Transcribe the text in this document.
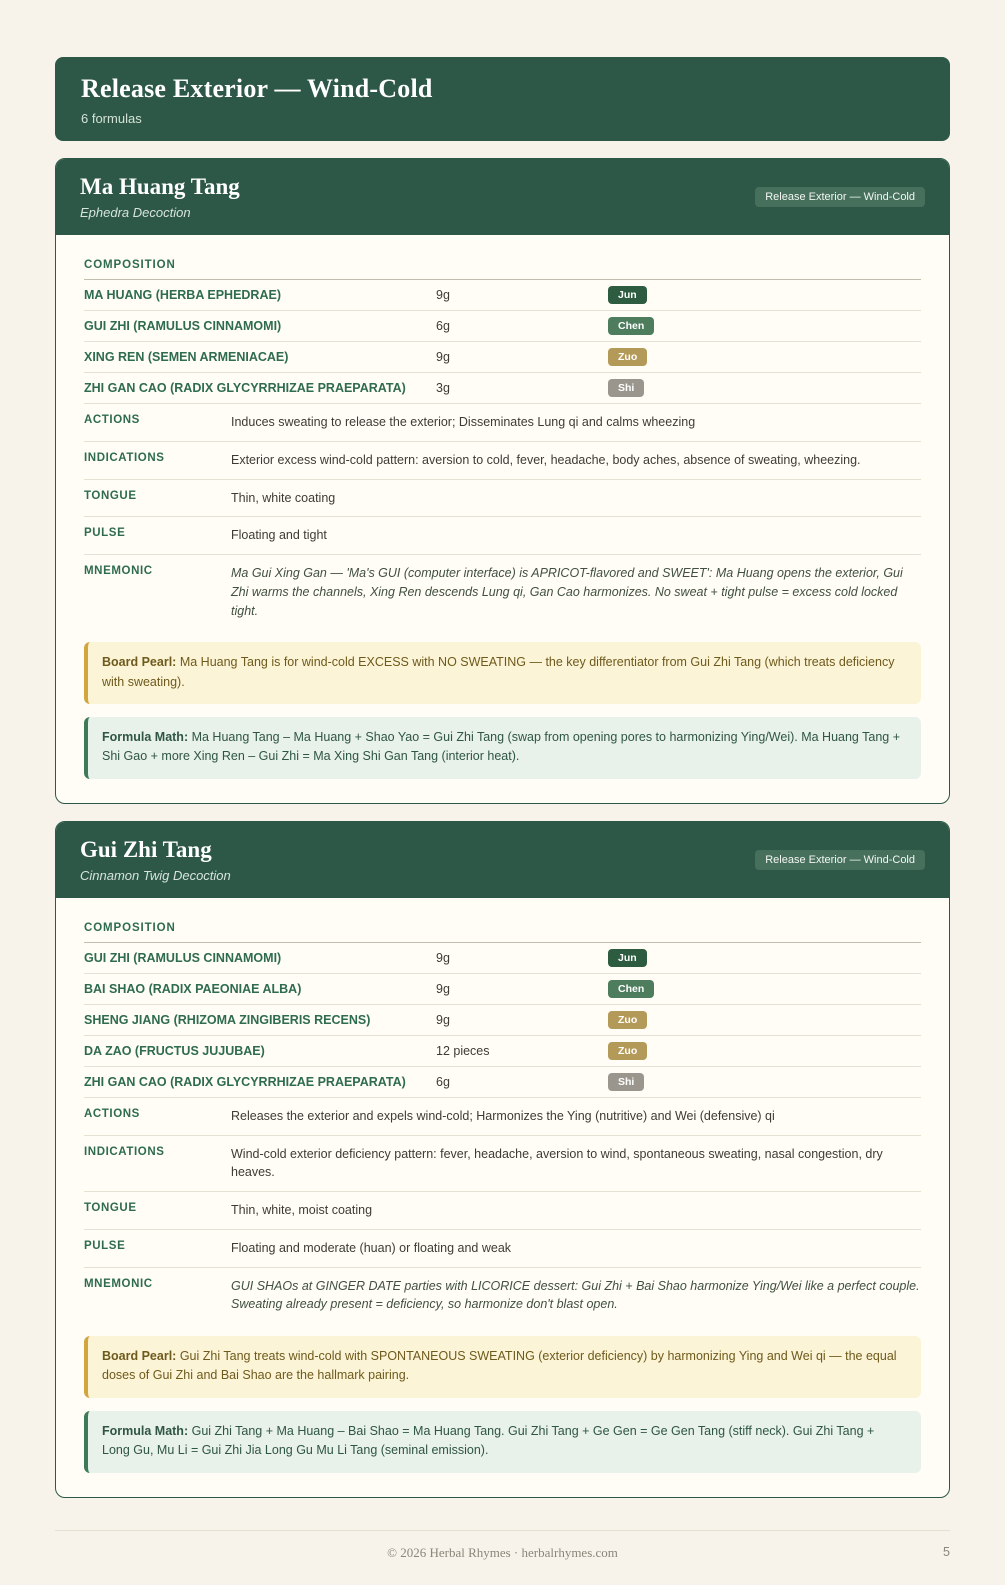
Release Exterior — Wind-Cold
6 formulas
Ma Huang Tang
Ephedra Decoction
Release Exterior — Wind-Cold
COMPOSITION
MA HUANG (HERBA EPHEDRAE)	9g	Jun
GUI ZHI (RAMULUS CINNAMOMI)	6g	Chen
XING REN (SEMEN ARMENIACAE)	9g	Zuo
ZHI GAN CAO (RADIX GLYCYRRHIZAE PRAEPARATA)	3g	Shi
ACTIONS	Induces sweating to release the exterior; Disseminates Lung qi and calms wheezing
INDICATIONS	Exterior excess wind-cold pattern: aversion to cold, fever, headache, body aches, absence of sweating, wheezing.
TONGUE	Thin, white coating
PULSE	Floating and tight
MNEMONIC	Ma Gui Xing Gan — 'Ma's GUI (computer interface) is APRICOT-flavored and SWEET': Ma Huang opens the exterior, Gui Zhi warms the channels, Xing Ren descends Lung qi, Gan Cao harmonizes. No sweat + tight pulse = excess cold locked tight.
Board Pearl: Ma Huang Tang is for wind-cold EXCESS with NO SWEATING — the key differentiator from Gui Zhi Tang (which treats deficiency with sweating).
Formula Math: Ma Huang Tang – Ma Huang + Shao Yao = Gui Zhi Tang (swap from opening pores to harmonizing Ying/Wei). Ma Huang Tang + Shi Gao + more Xing Ren – Gui Zhi = Ma Xing Shi Gan Tang (interior heat).
Gui Zhi Tang
Cinnamon Twig Decoction
Release Exterior — Wind-Cold
COMPOSITION
GUI ZHI (RAMULUS CINNAMOMI)	9g	Jun
BAI SHAO (RADIX PAEONIAE ALBA)	9g	Chen
SHENG JIANG (RHIZOMA ZINGIBERIS RECENS)	9g	Zuo
DA ZAO (FRUCTUS JUJUBAE)	12 pieces	Zuo
ZHI GAN CAO (RADIX GLYCYRRHIZAE PRAEPARATA)	6g	Shi
ACTIONS	Releases the exterior and expels wind-cold; Harmonizes the Ying (nutritive) and Wei (defensive) qi
INDICATIONS	Wind-cold exterior deficiency pattern: fever, headache, aversion to wind, spontaneous sweating, nasal congestion, dry heaves.
TONGUE	Thin, white, moist coating
PULSE	Floating and moderate (huan) or floating and weak
MNEMONIC	GUI SHAOs at GINGER DATE parties with LICORICE dessert: Gui Zhi + Bai Shao harmonize Ying/Wei like a perfect couple. Sweating already present = deficiency, so harmonize don't blast open.
Board Pearl: Gui Zhi Tang treats wind-cold with SPONTANEOUS SWEATING (exterior deficiency) by harmonizing Ying and Wei qi — the equal doses of Gui Zhi and Bai Shao are the hallmark pairing.
Formula Math: Gui Zhi Tang + Ma Huang – Bai Shao = Ma Huang Tang. Gui Zhi Tang + Ge Gen = Ge Gen Tang (stiff neck). Gui Zhi Tang + Long Gu, Mu Li = Gui Zhi Jia Long Gu Mu Li Tang (seminal emission).
© 2026 Herbal Rhymes · herbalrhymes.com	5
